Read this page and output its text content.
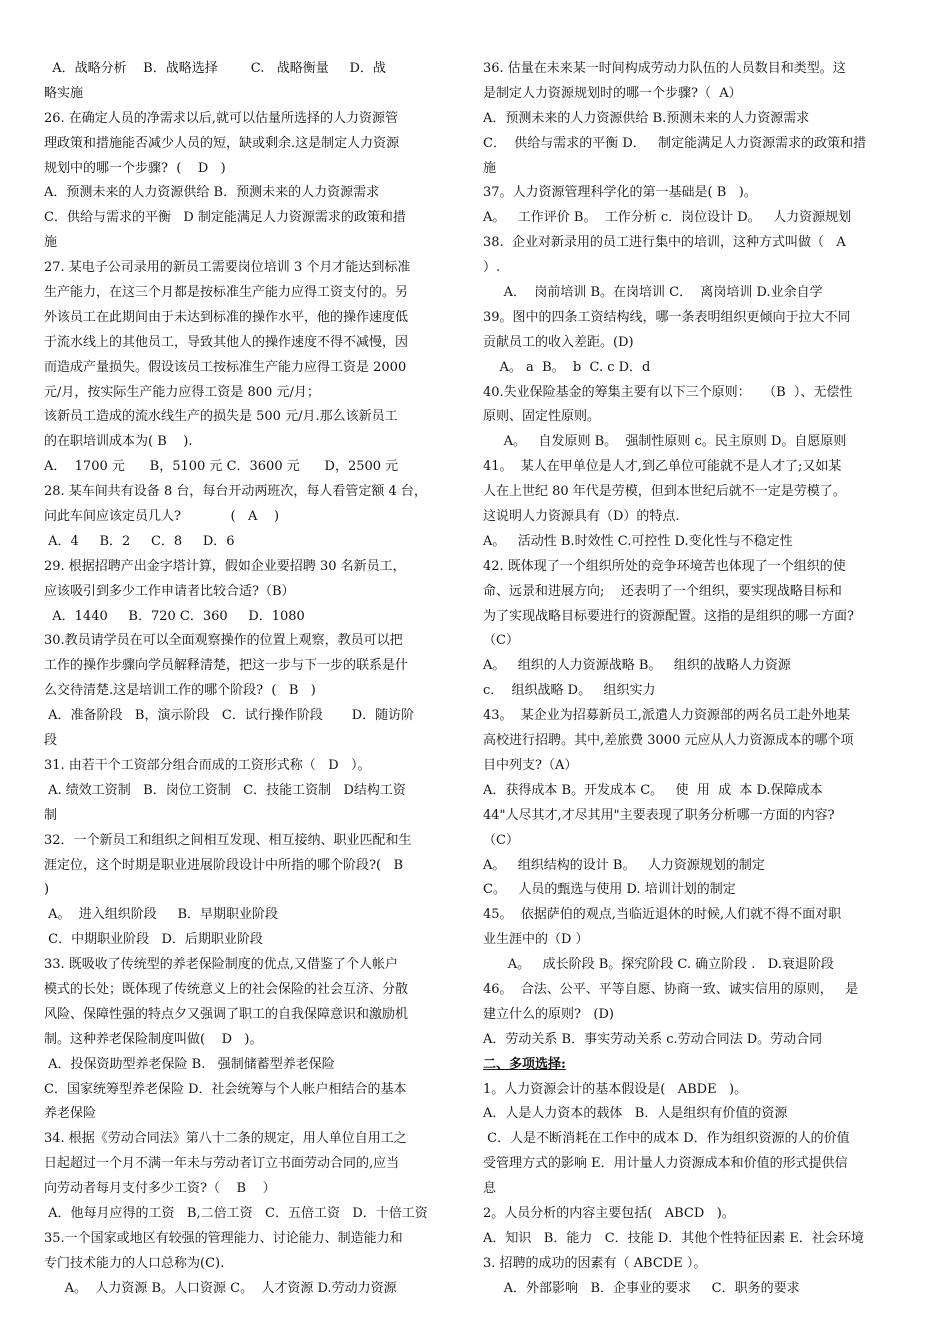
A．战略分析    B．战略选择        C.   战略衡量     D．战
略实施
26. 在确定人员的净需求以后,就可以估量所选择的人力资源管
理政策和措施能否减少人员的短，缺或剩余.这是制定人力资源
规划中的哪一个步骤?  (    D   )
A．预测未来的人力资源供给 B．预测未来的人力资源需求
C．供给与需求的平衡   D 制定能满足人力资源需求的政策和措
施
27. 某电子公司录用的新员工需要岗位培训 3 个月才能达到标准
生产能力，在这三个月都是按标准生产能力应得工资支付的。另
外该员工在此期间由于未达到标准的操作水平，他的操作速度低
于流水线上的其他员工，导致其他人的操作速度不得不减慢，因
而造成产量损失。假设该员工按标准生产能力应得工资是 2000
元/月，按实际生产能力应得工资是 800 元/月；
该新员工造成的流水线生产的损失是 500 元/月.那么该新员工
的在职培训成本为( B    ).
A．  1700 元      B，5100 元 C．3600 元      D，2500 元
28. 某车间共有设备 8 台，每台开动两班次，每人看管定额 4 台，
问此车间应该定员几人?            (   A    )
A．4     B．2     C．8     D．6
29. 根据招聘产出金字塔计算，假如企业要招聘 30 名新员工，
应该吸引到多少工作申请者比较合适?（B）
A．1440     B．720 C．360     D．1080
30.教员请学员在可以全面观察操作的位置上观察，教员可以把
工作的操作步骤向学员解释清楚，把这一步与下一步的联系是什
么交待清楚.这是培训工作的哪个阶段?  (   B   )
A．准备阶段   B，演示阶段   C．试行操作阶段       D．随访阶
段
31. 由若干个工资部分组合而成的工资形式称（   D   ）。
A. 绩效工资制   B．岗位工资制   C．技能工资制   D结构工资
制
32．一个新员工和组织之间相互发现、相互接纳、职业匹配和生
涯定位，这个时期是职业进展阶段设计中所指的哪个阶段?(   B
)
A。  进入组织阶段     B．早期职业阶段
C．中期职业阶段   D．后期职业阶段
33. 既吸收了传统型的养老保险制度的优点,又借鉴了个人帐户
模式的长处；既体现了传统意义上的社会保险的社会互济、分散
风险、保障性强的特点夕又强调了职工的自我保障意识和激励机
制。这种养老保险制度叫做(    D   )。
A．投保资助型养老保险 B.   强制储蓄型养老保险
C．国家统筹型养老保险 D．社会统筹与个人帐户相结合的基本
养老保险
34. 根据《劳动合同法》第八十二条的规定，用人单位自用工之
日起超过一个月不满一年未与劳动者订立书面劳动合同的,应当
向劳动者每月支付多少工资?（    B    ）
A．他每月应得的工资   B,二倍工资   C．五倍工资   D．十倍工资
35.一个国家或地区有较强的管理能力、讨论能力、制造能力和
专门技术能力的人口总称为(C).
A。  人力资源 B。人口资源 C。  人才资源 D.劳动力资源
36. 估量在未来某一时间构成劳动力队伍的人员数目和类型。这
是制定人力资源规划时的哪一个步骤?（  A）
A．预测未来的人力资源供给 B.预测未来的人力资源需求
C．  供给与需求的平衡 D．   制定能满足人力资源需求的政策和措
施
37。人力资源管理科学化的第一基础是( B   )。
A。   工作评价 B。  工作分析 c．岗位设计 D。   人力资源规划
38.  企业对新录用的员工进行集中的培训，这种方式叫做（   A
）.
A．  岗前培训 B。在岗培训 C．  离岗培训 D.业余自学
39。图中的四条工资结构线，哪一条表明组织更倾向于拉大不同
贡献员工的收入差距。(D)
A。 a  B。  b  C. c D．d
40.失业保险基金的筹集主要有以下三个原则：   （B  ）、无偿性
原则、固定性原则。
A。   自发原则 B。  强制性原则 c。民主原则 D。自愿原则
41。  某人在甲单位是人才,到乙单位可能就不是人才了;又如某
人在上世纪 80 年代是劳模，但到本世纪后就不一定是劳模了。
这说明人力资源具有（D）的特点.
A。   活动性 B.时效性 C.可控性 D.变化性与不稳定性
42. 既体现了一个组织所处的竞争环境苦也体现了一个组织的使
命、远景和进展方向;    还表明了一个组织，要实现战略目标和
为了实现战略目标要进行的资源配置。这指的是组织的哪一方面?
（C）
A。   组织的人力资源战略 B。   组织的战略人力资源
c．  组织战略 D。   组织实力
43。  某企业为招募新员工,派遣人力资源部的两名员工赴外地某
高校进行招聘。其中,差旅费 3000 元应从人力资源成本的哪个项
目中列支?（A）
A．获得成本 B。开发成本 C。   使  用  成  本 D.保障成本
44"人尽其才,才尽其用"主要表现了职务分析哪一方面的内容?
（C）
A。   组织结构的设计 B。   人力资源规划的制定
C。   人员的甄选与使用 D. 培训计划的制定
45。  依据萨伯的观点,当临近退休的时候,人们就不得不面对职
业生涯中的（D ）
A。   成长阶段 B。探究阶段 C. 确立阶段 .   D.衰退阶段
46。  合法、公平、平等自愿、协商一致、诚实信用的原则，   是
建立什么的原则?   (D)
A．劳动关系 B．事实劳动关系 c.劳动合同法 D。劳动合同
二、多项选择:
1。人力资源会计的基本假设是(   ABDE   )。
A．人是人力资本的载体   B．人是组织有价值的资源
C．人是不断消耗在工作中的成本 D．作为组织资源的人的价值
受管理方式的影响 E．用计量人力资源成本和价值的形式提供信
息
2。人员分析的内容主要包括(   ABCD   )。
A．知识   B．能力   C．技能 D．其他个性特征因素 E．社会环境
3. 招聘的成功的因素有（ ABCDE ）。
A．外部影响   B．企事业的要求     C．职务的要求
